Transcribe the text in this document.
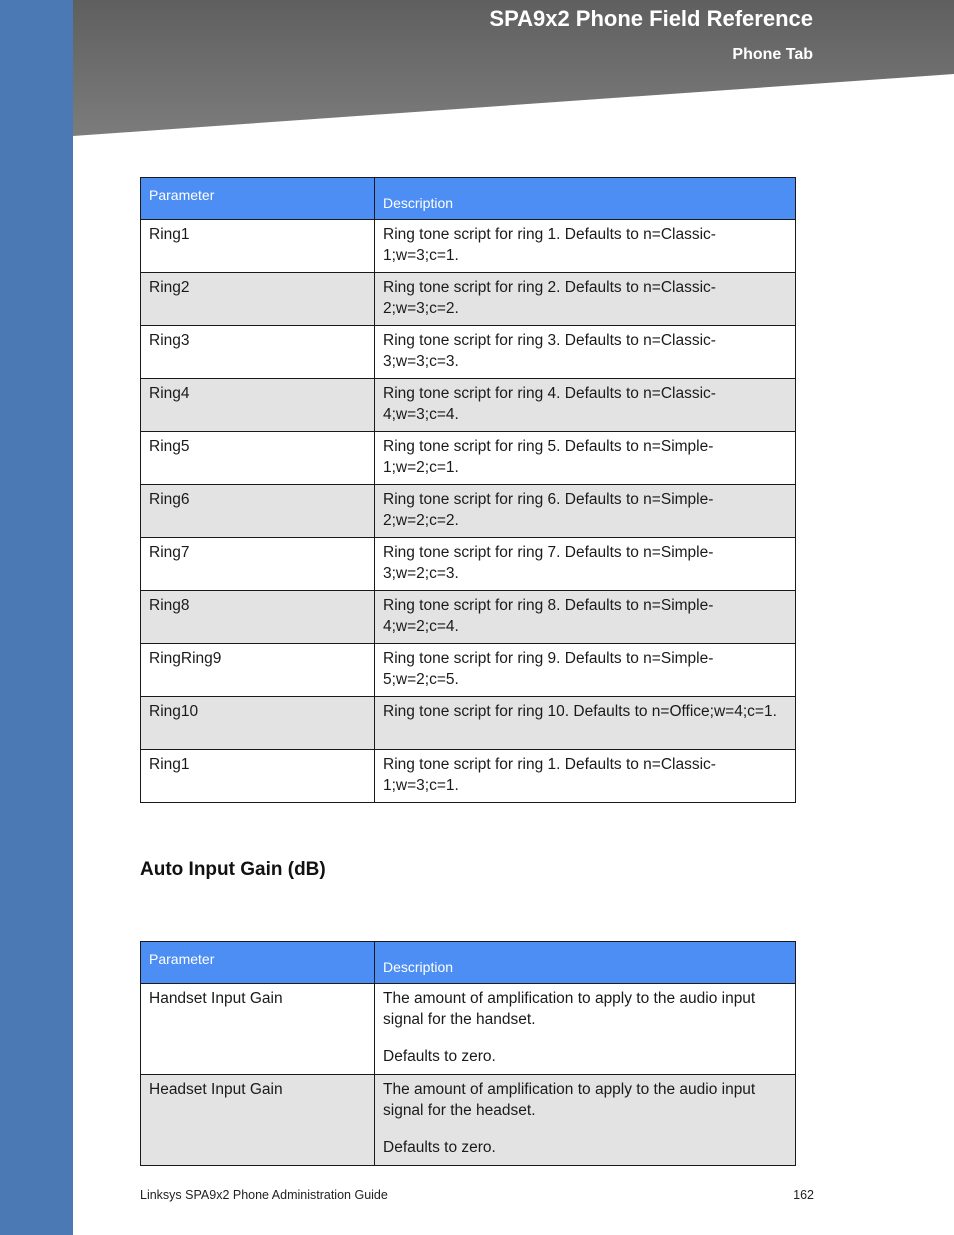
SPA9x2 Phone Field Reference
Phone Tab
Parameter	Description
Ring1	Ring tone script for ring 1. Defaults to n=Classic-1;w=3;c=1.
Ring2	Ring tone script for ring 2. Defaults to n=Classic-2;w=3;c=2.
Ring3	Ring tone script for ring 3. Defaults to n=Classic-3;w=3;c=3.
Ring4	Ring tone script for ring 4. Defaults to n=Classic-4;w=3;c=4.
Ring5	Ring tone script for ring 5. Defaults to n=Simple-1;w=2;c=1.
Ring6	Ring tone script for ring 6. Defaults to n=Simple-2;w=2;c=2.
Ring7	Ring tone script for ring 7. Defaults to n=Simple-3;w=2;c=3.
Ring8	Ring tone script for ring 8. Defaults to n=Simple-4;w=2;c=4.
RingRing9	Ring tone script for ring 9. Defaults to n=Simple-5;w=2;c=5.
Ring10	Ring tone script for ring 10. Defaults to n=Office;w=4;c=1.
Ring1	Ring tone script for ring 1. Defaults to n=Classic-1;w=3;c=1.
Auto Input Gain (dB)
Parameter	Description
Handset Input Gain	The amount of amplification to apply to the audio input signal for the handset.
Defaults to zero.

Headset Input Gain	The amount of amplification to apply to the audio input signal for the headset.
Defaults to zero.
Linksys SPA9x2 Phone Administration Guide	162
